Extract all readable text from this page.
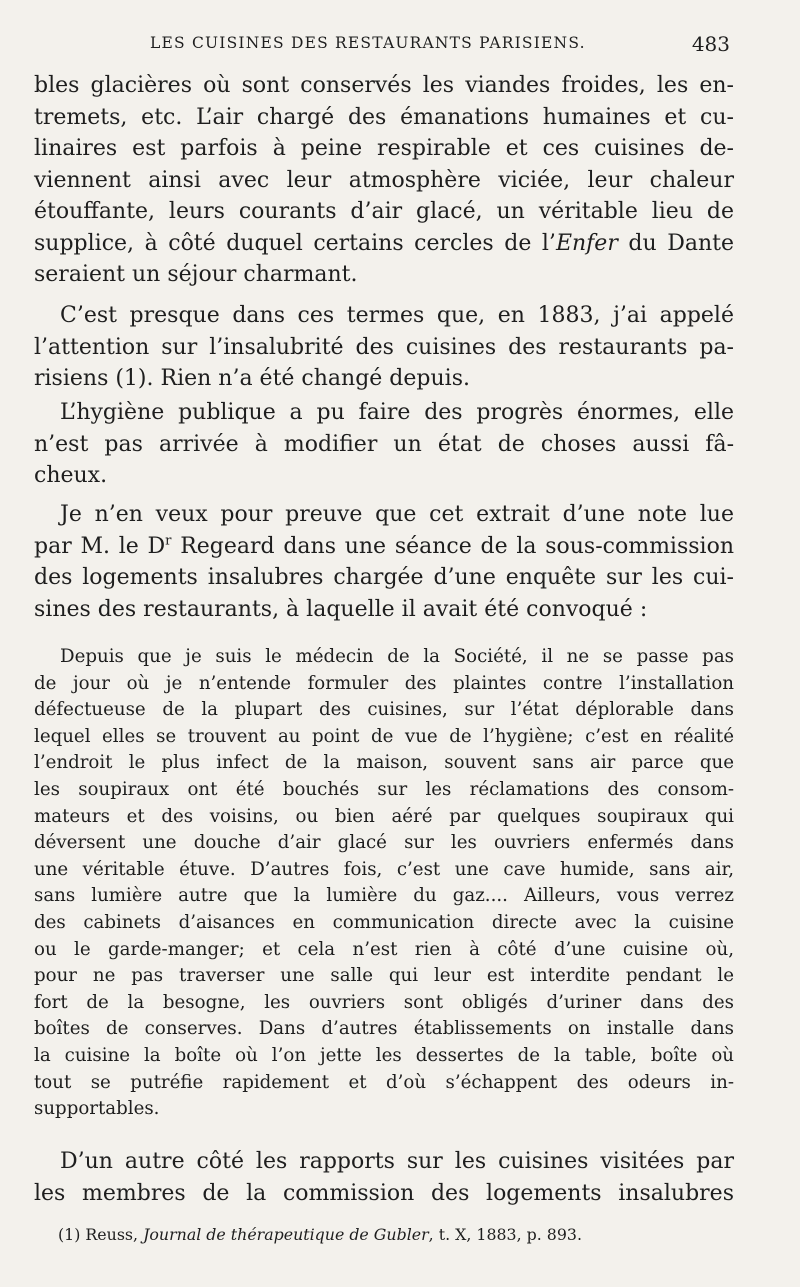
LES CUISINES DES RESTAURANTS PARISIENS.	483
bles glacières où sont conservés les viandes froides, les en-
tremets, etc. L’air chargé des émanations humaines et cu-
linaires est parfois à peine respirable et ces cuisines de-
viennent ainsi avec leur atmosphère viciée, leur chaleur
étouffante, leurs courants d’air glacé, un véritable lieu de
supplice, à côté duquel certains cercles de l’Enfer du Dante
seraient un séjour charmant.
C’est presque dans ces termes que, en 1883, j’ai appelé
l’attention sur l’insalubrité des cuisines des restaurants pa-
risiens (1). Rien n’a été changé depuis.
L’hygiène publique a pu faire des progrès énormes, elle
n’est pas arrivée à modifier un état de choses aussi fâ-
cheux.
Je n’en veux pour preuve que cet extrait d’une note lue
par M. le $D^r$ Regeard dans une séance de la sous-commission
des logements insalubres chargée d’une enquête sur les cui-
sines des restaurants, à laquelle il avait été convoqué :
Depuis que je suis le médecin de la Société, il ne se passe pas
de jour où je n’entende formuler des plaintes contre l’installation
défectueuse de la plupart des cuisines, sur l’état déplorable dans
lequel elles se trouvent au point de vue de l’hygiène; c’est en réalité
l’endroit le plus infect de la maison, souvent sans air parce que
les soupiraux ont été bouchés sur les réclamations des consom-
mateurs et des voisins, ou bien aéré par quelques soupiraux qui
déversent une douche d’air glacé sur les ouvriers enfermés dans
une véritable étuve. D’autres fois, c’est une cave humide, sans air,
sans lumière autre que la lumière du gaz.... Ailleurs, vous verrez
des cabinets d’aisances en communication directe avec la cuisine
ou le garde-manger; et cela n’est rien à côté d’une cuisine où,
pour ne pas traverser une salle qui leur est interdite pendant le
fort de la besogne, les ouvriers sont obligés d’uriner dans des
boîtes de conserves. Dans d’autres établissements on installe dans
la cuisine la boîte où l’on jette les dessertes de la table, boîte où
tout se putréfie rapidement et d’où s’échappent des odeurs in-
supportables.
D’un autre côté les rapports sur les cuisines visitées par
les membres de la commission des logements insalubres
(1) Reuss, Journal de thérapeutique de Gubler, t. X, 1883, p. 893.
